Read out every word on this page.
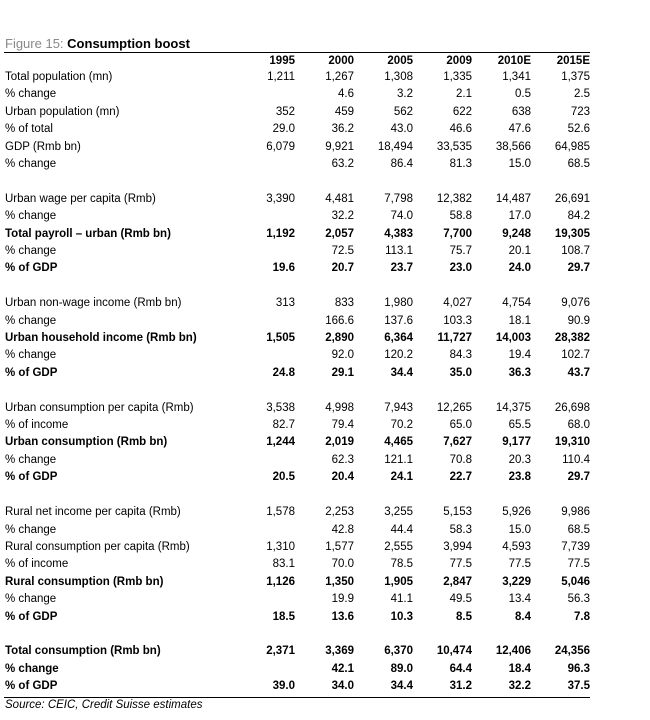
Figure 15: Consumption boost
	1995	2000	2005	2009	2010E	2015E
Total population (mn)	1,211	1,267	1,308	1,335	1,341	1,375
% change		4.6	3.2	2.1	0.5	2.5
Urban population (mn)	352	459	562	622	638	723
% of total	29.0	36.2	43.0	46.6	47.6	52.6
GDP (Rmb bn)	6,079	9,921	18,494	33,535	38,566	64,985
% change		63.2	86.4	81.3	15.0	68.5

Urban wage per capita (Rmb)	3,390	4,481	7,798	12,382	14,487	26,691
% change		32.2	74.0	58.8	17.0	84.2
Total payroll – urban (Rmb bn)	1,192	2,057	4,383	7,700	9,248	19,305
% change		72.5	113.1	75.7	20.1	108.7
% of GDP	19.6	20.7	23.7	23.0	24.0	29.7

Urban non-wage income (Rmb bn)	313	833	1,980	4,027	4,754	9,076
% change		166.6	137.6	103.3	18.1	90.9
Urban household income (Rmb bn)	1,505	2,890	6,364	11,727	14,003	28,382
% change		92.0	120.2	84.3	19.4	102.7
% of GDP	24.8	29.1	34.4	35.0	36.3	43.7

Urban consumption per capita (Rmb)	3,538	4,998	7,943	12,265	14,375	26,698
% of income	82.7	79.4	70.2	65.0	65.5	68.0
Urban consumption (Rmb bn)	1,244	2,019	4,465	7,627	9,177	19,310
% change		62.3	121.1	70.8	20.3	110.4
% of GDP	20.5	20.4	24.1	22.7	23.8	29.7

Rural net income per capita (Rmb)	1,578	2,253	3,255	5,153	5,926	9,986
% change		42.8	44.4	58.3	15.0	68.5
Rural consumption per capita (Rmb)	1,310	1,577	2,555	3,994	4,593	7,739
% of income	83.1	70.0	78.5	77.5	77.5	77.5
Rural consumption (Rmb bn)	1,126	1,350	1,905	2,847	3,229	5,046
% change		19.9	41.1	49.5	13.4	56.3
% of GDP	18.5	13.6	10.3	8.5	8.4	7.8

Total consumption (Rmb bn)	2,371	3,369	6,370	10,474	12,406	24,356
% change		42.1	89.0	64.4	18.4	96.3
% of GDP	39.0	34.0	34.4	31.2	32.2	37.5
Source: CEIC, Credit Suisse estimates
